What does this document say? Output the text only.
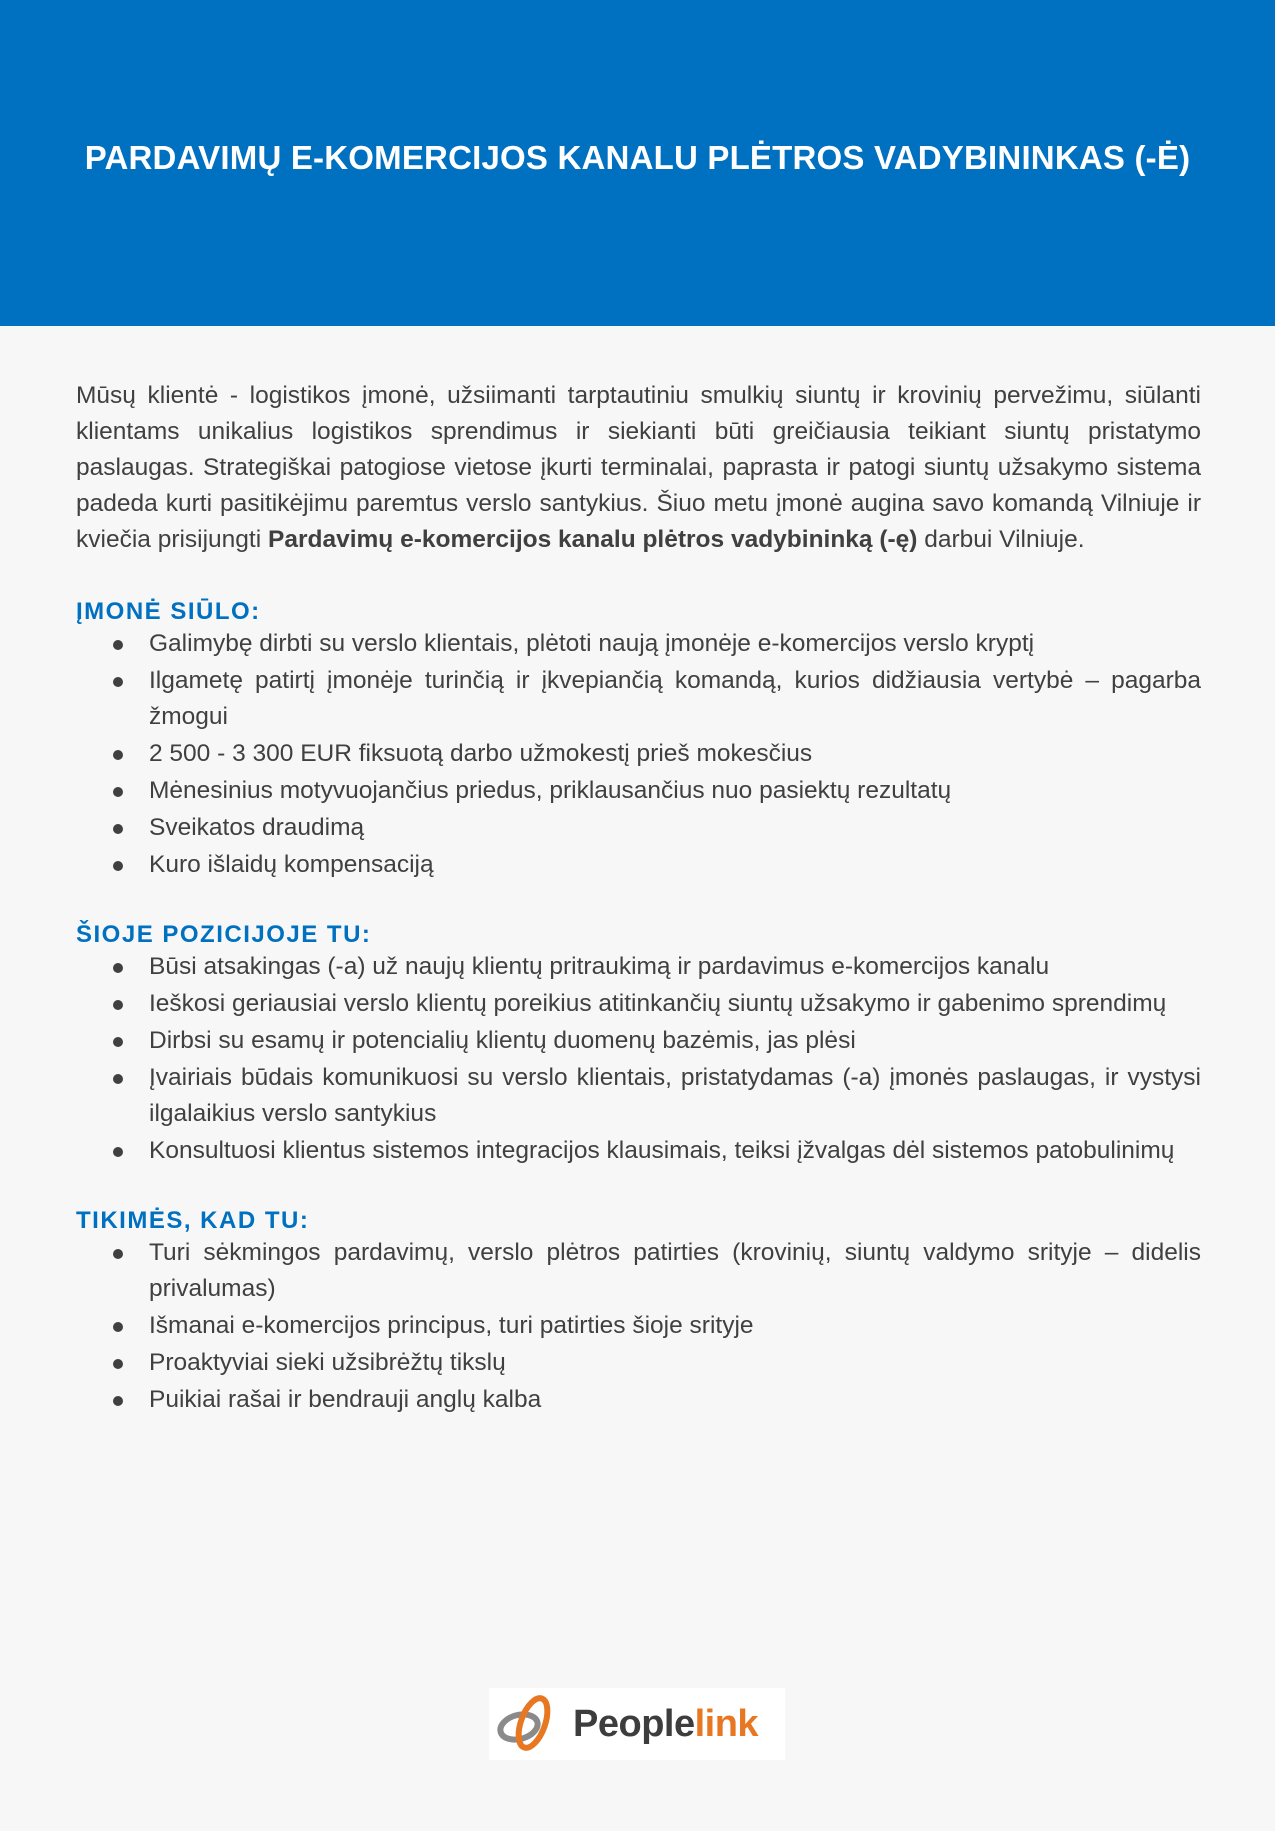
PARDAVIMŲ E-KOMERCIJOS KANALU PLĖTROS VADYBININKAS (-Ė)

Mūsų klientė - logistikos įmonė, užsiimanti tarptautiniu smulkių siuntų ir krovinių pervežimu, siūlanti klientams unikalius logistikos sprendimus ir siekianti būti greičiausia teikiant siuntų pristatymo paslaugas. Strategiškai patogiose vietose įkurti terminalai, paprasta ir patogi siuntų užsakymo sistema padeda kurti pasitikėjimu paremtus verslo santykius. Šiuo metu įmonė augina savo komandą Vilniuje ir kviečia prisijungti Pardavimų e-komercijos kanalu plėtros vadybininką (-ę) darbui Vilniuje.

ĮMONĖ SIŪLO:
Galimybę dirbti su verslo klientais, plėtoti naują įmonėje e-komercijos verslo kryptį
Ilgametę patirtį įmonėje turinčią ir įkvepiančią komandą, kurios didžiausia vertybė – pagarba žmogui
2 500 - 3 300 EUR fiksuotą darbo užmokestį prieš mokesčius
Mėnesinius motyvuojančius priedus, priklausančius nuo pasiektų rezultatų
Sveikatos draudimą
Kuro išlaidų kompensaciją
ŠIOJE POZICIJOJE TU:
Būsi atsakingas (-a) už naujų klientų pritraukimą ir pardavimus e-komercijos kanalu
Ieškosi geriausiai verslo klientų poreikius atitinkančių siuntų užsakymo ir gabenimo sprendimų
Dirbsi su esamų ir potencialių klientų duomenų bazėmis, jas plėsi
Įvairiais būdais komunikuosi su verslo klientais, pristatydamas (-a) įmonės paslaugas, ir vystysi ilgalaikius verslo santykius
Konsultuosi klientus sistemos integracijos klausimais, teiksi įžvalgas dėl sistemos patobulinimų
TIKIMĖS, KAD TU:
Turi sėkmingos pardavimų, verslo plėtros patirties (krovinių, siuntų valdymo srityje – didelis privalumas)
Išmanai e-komercijos principus, turi patirties šioje srityje
Proaktyviai sieki užsibrėžtų tikslų
Puikiai rašai ir bendrauji anglų kalba
Peoplelink
